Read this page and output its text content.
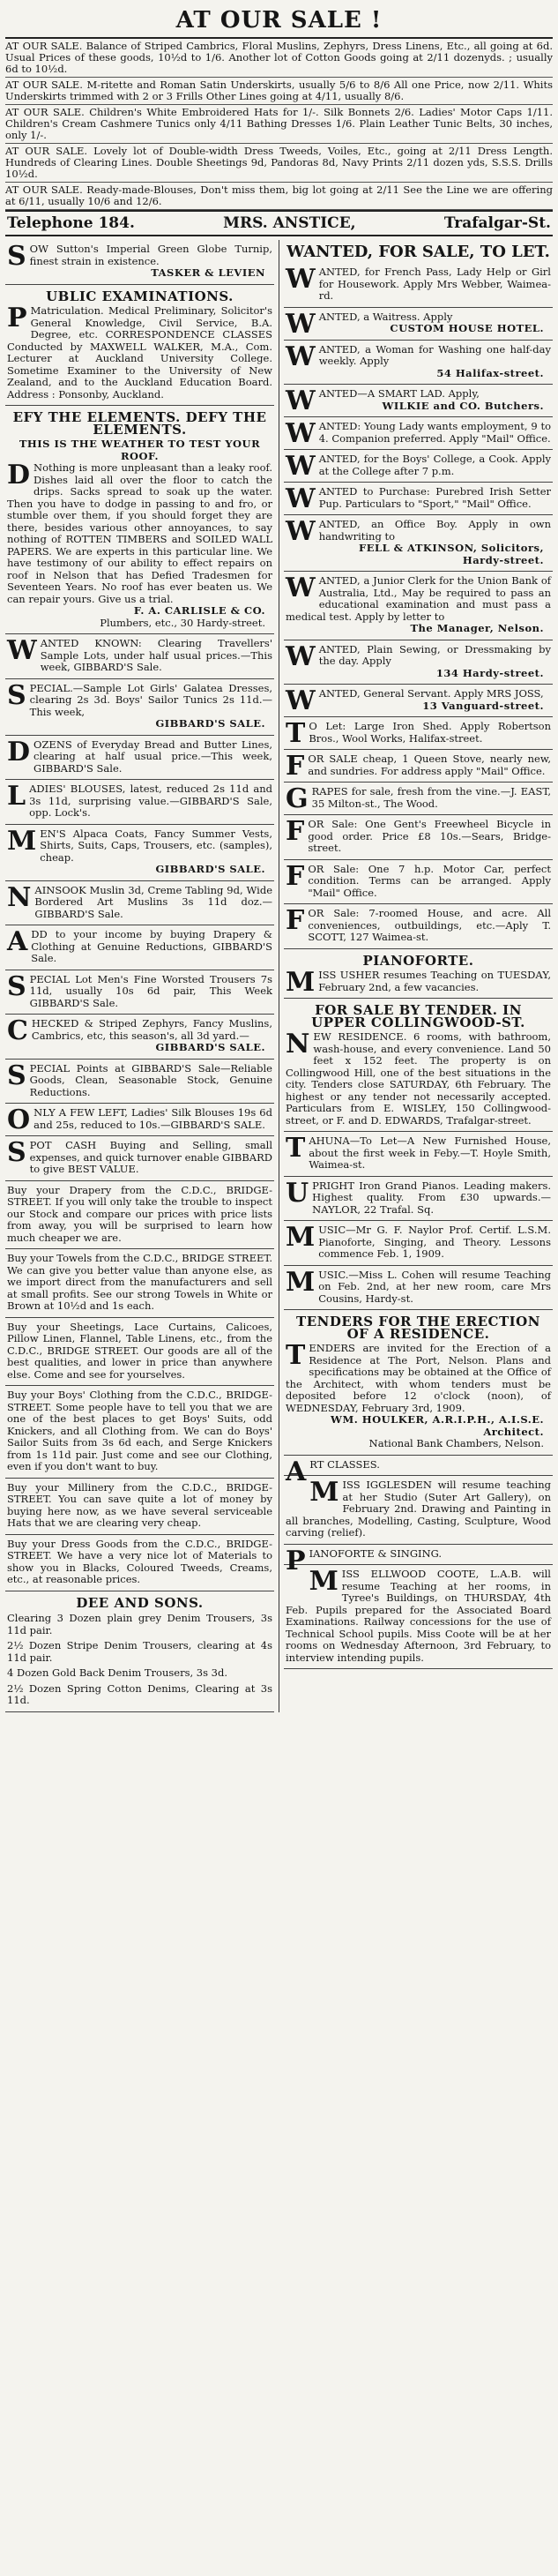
AT OUR SALE !
AT OUR SALE. Balance of Striped Cambrics, Floral Muslins, Zephyrs, Dress Linens, Etc., all going at 6d. Usual Prices of these goods, 10½d to 1/6. Another lot of Cotton Goods going at 2/11 dozenyds. ; usually 6d to 10½d.
AT OUR SALE. M-ritette and Roman Satin Underskirts, usually 5/6 to 8/6 All one Price, now 2/11. Whits Underskirts trimmed with 2 or 3 Frills Other Lines going at 4/11, usually 8/6.
AT OUR SALE. Children's White Embroidered Hats for 1/-. Silk Bonnets 2/6. Ladies' Motor Caps 1/11. Children's Cream Cashmere Tunics only 4/11 Bathing Dresses 1/6. Plain Leather Tunic Belts, 30 inches, only 1/-.
AT OUR SALE. Lovely lot of Double-width Dress Tweeds, Voiles, Etc., going at 2/11 Dress Length. Hundreds of Clearing Lines. Double Sheetings 9d, Pandoras 8d, Navy Prints 2/11 dozen yds, S.S.S. Drills 10½d.
AT OUR SALE. Ready-made-Blouses, Don't miss them, big lot going at 2/11 See the Line we are offering at 6/11, usually 10/6 and 12/6.
Telephone 184.	MRS. ANSTICE,	Trafalgar-St.

SOW Sutton's Imperial Green Globe Turnip, finest strain in existence.

TASKER & LEVIEN
UBLIC EXAMINATIONS.

P Matriculation. Medical Preliminary, Solicitor's General Knowledge, Civil Service, B.A. Degree, etc. CORRESPONDENCE CLASSES Conducted by MAXWELL WALKER, M.A., Com. Lecturer at Auckland University College. Sometime Examiner to the University of New Zealand, and to the Auckland Education Board. Address : Ponsonby, Auckland.

EFY THE ELEMENTS. DEFY THE ELEMENTS.
THIS IS THE WEATHER TO TEST YOUR ROOF.

D Nothing is more unpleasant than a leaky roof. Dishes laid all over the floor to catch the drips. Sacks spread to soak up the water. Then you have to dodge in passing to and fro, or stumble over them, if you should forget they are there, besides various other annoyances, to say nothing of ROTTEN TIMBERS and SOILED WALL PAPERS. We are experts in this particular line. We have testimony of our ability to effect repairs on roof in Nelson that has Defied Tradesmen for Seventeen Years. No roof has ever beaten us. We can repair yours. Give us a trial.

F. A. CARLISLE & CO.
Plumbers, etc., 30 Hardy-street.

WANTED KNOWN: Clearing Travellers' Sample Lots, under half usual prices.—This week, GIBBARD'S Sale.

SPECIAL.—Sample Lot Girls' Galatea Dresses, clearing 2s 3d. Boys' Sailor Tunics 2s 11d.—This week,

GIBBARD'S SALE.

DOZENS of Everyday Bread and Butter Lines, clearing at half usual price.—This week, GIBBARD'S Sale.

LADIES' BLOUSES, latest, reduced 2s 11d and 3s 11d, surprising value.—GIBBARD'S Sale, opp. Lock's.

MEN'S Alpaca Coats, Fancy Summer Vests, Shirts, Suits, Caps, Trousers, etc. (samples), cheap.

GIBBARD'S SALE.

NAINSOOK Muslin 3d, Creme Tabling 9d, Wide Bordered Art Muslins 3s 11d doz.—GIBBARD'S Sale.

ADD to your income by buying Drapery & Clothing at Genuine Reductions, GIBBARD'S Sale.

SPECIAL Lot Men's Fine Worsted Trousers 7s 11d, usually 10s 6d pair, This Week GIBBARD'S Sale.

CHECKED & Striped Zephyrs, Fancy Muslins, Cambrics, etc, this season's, all 3d yard.—

GIBBARD'S SALE.

SPECIAL Points at GIBBARD'S Sale—Reliable Goods, Clean, Seasonable Stock, Genuine Reductions.

ONLY A FEW LEFT, Ladies' Silk Blouses 19s 6d and 25s, reduced to 10s.—GIBBARD'S SALE.

SPOT CASH Buying and Selling, small expenses, and quick turnover enable GIBBARD to give BEST VALUE.

Buy your Drapery from the C.D.C., BRIDGE-STREET. If you will only take the trouble to inspect our Stock and compare our prices with price lists from away, you will be surprised to learn how much cheaper we are.

Buy your Towels from the C.D.C., BRIDGE STREET. We can give you better value than anyone else, as we import direct from the manufacturers and sell at small profits. See our strong Towels in White or Brown at 10½d and 1s each.

Buy your Sheetings, Lace Curtains, Calicoes, Pillow Linen, Flannel, Table Linens, etc., from the C.D.C., BRIDGE STREET. Our goods are all of the best qualities, and lower in price than anywhere else. Come and see for yourselves.

Buy your Boys' Clothing from the C.D.C., BRIDGE-STREET. Some people have to tell you that we are one of the best places to get Boys' Suits, odd Knickers, and all Clothing from. We can do Boys' Sailor Suits from 3s 6d each, and Serge Knickers from 1s 11d pair. Just come and see our Clothing, even if you don't want to buy.

Buy your Millinery from the C.D.C., BRIDGE-STREET. You can save quite a lot of money by buying here now, as we have several serviceable Hats that we are clearing very cheap.

Buy your Dress Goods from the C.D.C., BRIDGE-STREET. We have a very nice lot of Materials to show you in Blacks, Coloured Tweeds, Creams, etc., at reasonable prices.

DEE AND SONS.

Clearing 3 Dozen plain grey Denim Trousers, 3s 11d pair.

2½ Dozen Stripe Denim Trousers, clearing at 4s 11d pair.

4 Dozen Gold Back Denim Trousers, 3s 3d.

2½ Dozen Spring Cotton Denims, Clearing at 3s 11d.

WANTED, FOR SALE, TO LET.

WANTED, for French Pass, Lady Help or Girl for Housework. Apply Mrs Webber, Waimea-rd.

WANTED, a Waitress. Apply

CUSTOM HOUSE HOTEL.

WANTED, a Woman for Washing one half-day weekly. Apply

54 Halifax-street.

WANTED—A SMART LAD. Apply,

WILKIE and CO. Butchers.

WANTED: Young Lady wants employment, 9 to 4. Companion preferred. Apply "Mail" Office.

WANTED, for the Boys' College, a Cook. Apply at the College after 7 p.m.

WANTED to Purchase: Purebred Irish Setter Pup. Particulars to "Sport," "Mail" Office.

WANTED, an Office Boy. Apply in own handwriting to

FELL & ATKINSON, Solicitors, Hardy-street.

WANTED, a Junior Clerk for the Union Bank of Australia, Ltd., May be required to pass an educational examination and must pass a medical test. Apply by letter to

The Manager, Nelson.

WANTED, Plain Sewing, or Dressmaking by the day. Apply

134 Hardy-street.

WANTED, General Servant. Apply MRS JOSS,

13 Vanguard-street.

T O Let: Large Iron Shed. Apply Robertson Bros., Wool Works, Halifax-street.

FOR SALE cheap, 1 Queen Stove, nearly new, and sundries. For address apply "Mail" Office.

GRAPES for sale, fresh from the vine.—J. EAST, 35 Milton-st., The Wood.

FOR Sale: One Gent's Freewheel Bicycle in good order. Price £8 10s.—Sears, Bridge-street.

FOR Sale: One 7 h.p. Motor Car, perfect condition. Terms can be arranged. Apply "Mail" Office.

FOR Sale: 7-roomed House, and acre. All conveniences, outbuildings, etc.—Aply T. SCOTT, 127 Waimea-st.

PIANOFORTE.

MISS USHER resumes Teaching on TUESDAY, February 2nd, a few vacancies.

FOR SALE BY TENDER. IN UPPER COLLINGWOOD-ST.

NEW RESIDENCE. 6 rooms, with bathroom, wash-house, and every convenience. Land 50 feet x 152 feet. The property is on Collingwood Hill, one of the best situations in the city. Tenders close SATURDAY, 6th February. The highest or any tender not necessarily accepted. Particulars from E. WISLEY, 150 Collingwood-street, or F. and D. EDWARDS, Trafalgar-street.

TAHUNA—To Let—A New Furnished House, about the first week in Feby.—T. Hoyle Smith, Waimea-st.

UPRIGHT Iron Grand Pianos. Leading makers. Highest quality. From £30 upwards.—NAYLOR, 22 Trafal. Sq.

MUSIC—Mr G. F. Naylor Prof. Certif. L.S.M. Pianoforte, Singing, and Theory. Lessons commence Feb. 1, 1909.

MUSIC.—Miss L. Cohen will resume Teaching on Feb. 2nd, at her new room, care Mrs Cousins, Hardy-st.

TENDERS FOR THE ERECTION OF A RESIDENCE.

TENDERS are invited for the Erection of a Residence at The Port, Nelson. Plans and specifications may be obtained at the Office of the Architect, with whom tenders must be deposited before 12 o'clock (noon), of WEDNESDAY, February 3rd, 1909.

WM. HOULKER, A.R.I.P.H., A.I.S.E. Architect.
National Bank Chambers, Nelson.

ART CLASSES.

MISS IGGLESDEN will resume teaching at her Studio (Suter Art Gallery), on February 2nd. Drawing and Painting in all branches, Modelling, Casting, Sculpture, Wood carving (relief).

PIANOFORTE & SINGING.

MISS ELLWOOD COOTE, L.A.B. will resume Teaching at her rooms, in Tyree's Buildings, on THURSDAY, 4th Feb. Pupils prepared for the Associated Board Examinations. Railway concessions for the use of Technical School pupils. Miss Coote will be at her rooms on Wednesday Afternoon, 3rd February, to interview intending pupils.
